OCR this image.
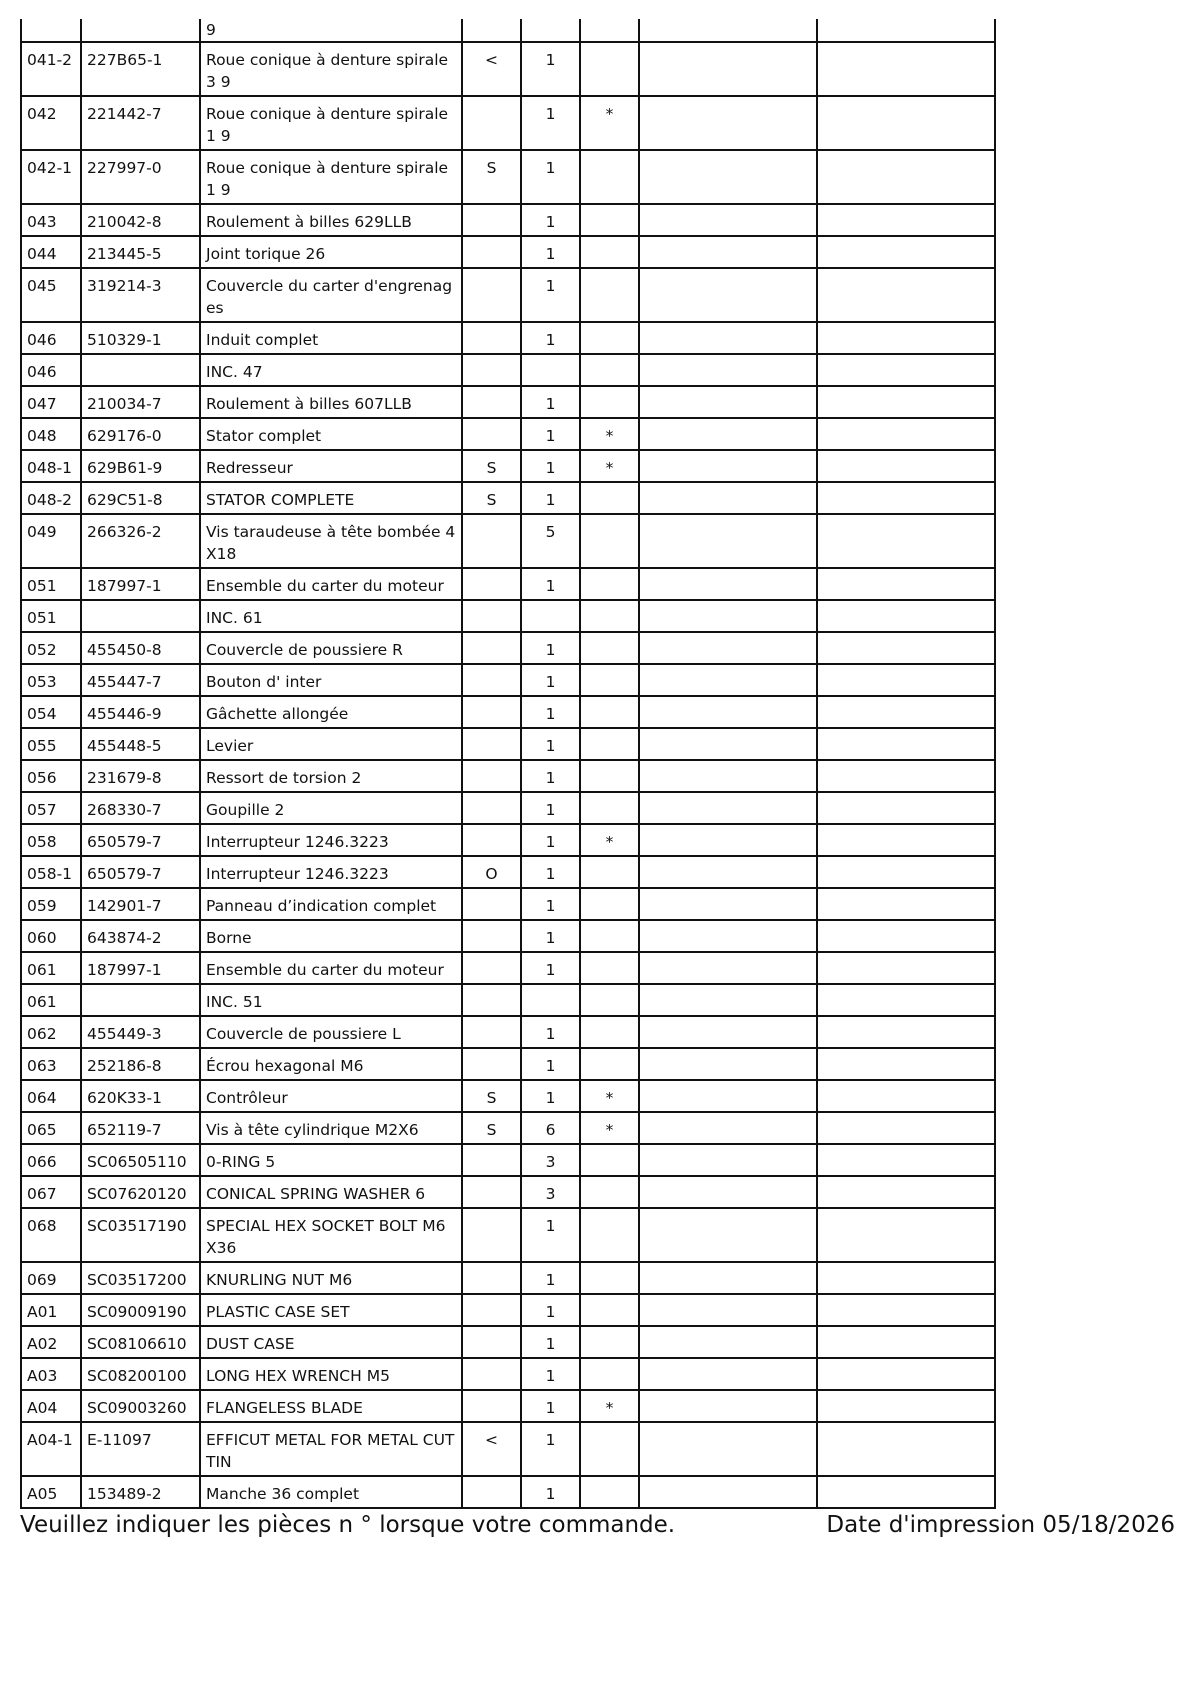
		9					
041-2	227B65-1	Roue conique à denture spirale 3 9	<	1			
042	221442-7	Roue conique à denture spirale 1 9		1	*		
042-1	227997-0	Roue conique à denture spirale 1 9	S	1			
043	210042-8	Roulement à billes 629LLB		1			
044	213445-5	Joint torique 26		1			
045	319214-3	Couvercle du carter d'engrenages		1			
046	510329-1	Induit complet		1			
046		INC. 47					
047	210034-7	Roulement à billes 607LLB		1			
048	629176-0	Stator complet		1	*		
048-1	629B61-9	Redresseur	S	1	*		
048-2	629C51-8	STATOR COMPLETE	S	1			
049	266326-2	Vis taraudeuse à tête bombée 4X18		5			
051	187997-1	Ensemble du carter du moteur		1			
051		INC. 61					
052	455450-8	Couvercle de poussiere R		1			
053	455447-7	Bouton d' inter		1			
054	455446-9	Gâchette allongée		1			
055	455448-5	Levier		1			
056	231679-8	Ressort de torsion 2		1			
057	268330-7	Goupille 2		1			
058	650579-7	Interrupteur 1246.3223		1	*		
058-1	650579-7	Interrupteur 1246.3223	O	1			
059	142901-7	Panneau d’indication complet		1			
060	643874-2	Borne		1			
061	187997-1	Ensemble du carter du moteur		1			
061		INC. 51					
062	455449-3	Couvercle de poussiere L		1			
063	252186-8	Écrou hexagonal M6		1			
064	620K33-1	Contrôleur	S	1	*		
065	652119-7	Vis à tête cylindrique M2X6	S	6	*		
066	SC06505110	0-RING 5		3			
067	SC07620120	CONICAL SPRING WASHER 6		3			
068	SC03517190	SPECIAL HEX SOCKET BOLT M6X36		1			
069	SC03517200	KNURLING NUT M6		1			
A01	SC09009190	PLASTIC CASE SET		1			
A02	SC08106610	DUST CASE		1			
A03	SC08200100	LONG HEX WRENCH M5		1			
A04	SC09003260	FLANGELESS BLADE		1	*		
A04-1	E-11097	EFFICUT METAL FOR METAL CUT TIN	<	1			
A05	153489-2	Manche 36 complet		1			
Veuillez indiquer les pièces n ° lorsque votre commande.	Date d'impression 05/18/2026
